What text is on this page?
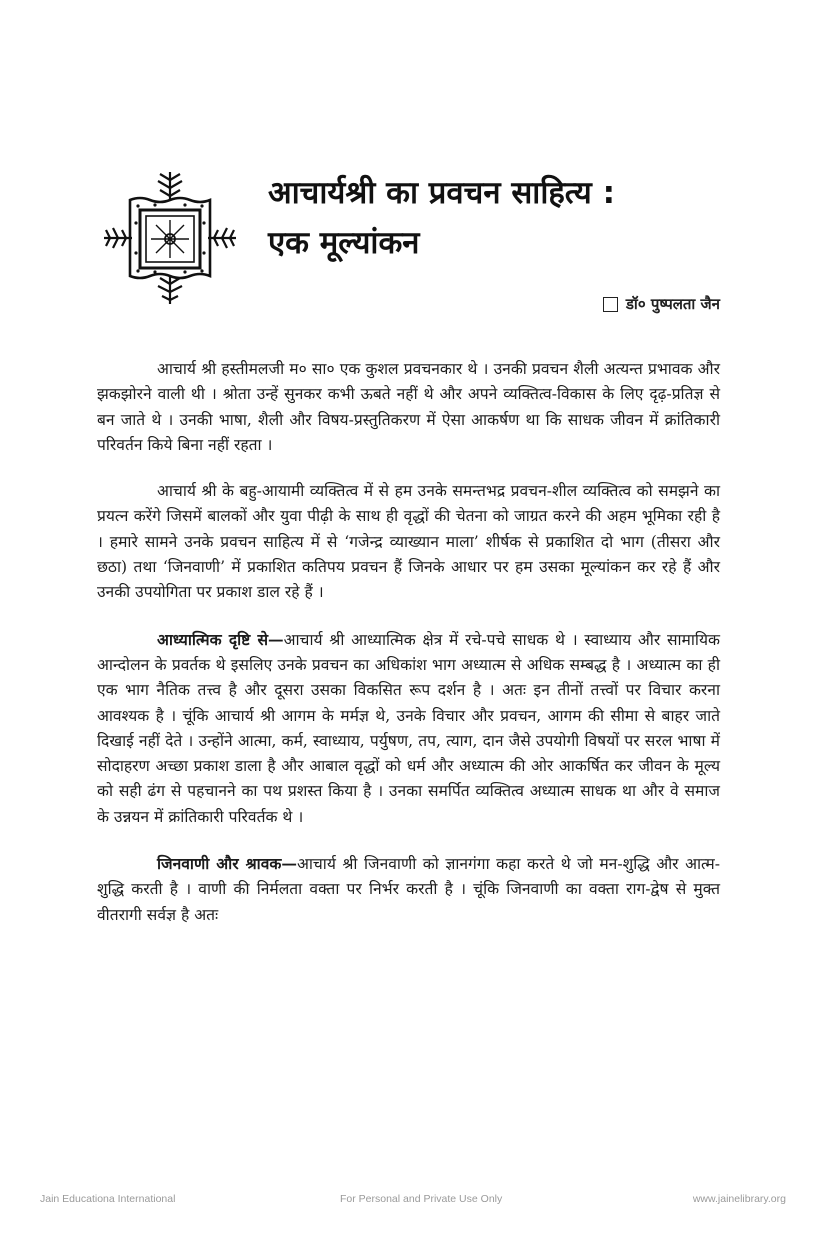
आचार्यश्री का प्रवचन साहित्य :
एक मूल्यांकन
डॉ० पुष्पलता जैन

आचार्य श्री हस्तीमलजी म० सा० एक कुशल प्रवचनकार थे । उनकी प्रवचन शैली अत्यन्त प्रभावक और झकझोरने वाली थी । श्रोता उन्हें सुनकर कभी ऊबते नहीं थे और अपने व्यक्तित्व-विकास के लिए दृढ़-प्रतिज्ञ से बन जाते थे । उनकी भाषा, शैली और विषय-प्रस्तुतिकरण में ऐसा आकर्षण था कि साधक जीवन में क्रांतिकारी परिवर्तन किये बिना नहीं रहता ।

आचार्य श्री के बहु-आयामी व्यक्तित्व में से हम उनके समन्तभद्र प्रवचन-शील व्यक्तित्व को समझने का प्रयत्न करेंगे जिसमें बालकों और युवा पीढ़ी के साथ ही वृद्धों की चेतना को जाग्रत करने की अहम भूमिका रही है । हमारे सामने उनके प्रवचन साहित्य में से ‘गजेन्द्र व्याख्यान माला’ शीर्षक से प्रकाशित दो भाग (तीसरा और छठा) तथा ‘जिनवाणी’ में प्रकाशित कतिपय प्रवचन हैं जिनके आधार पर हम उसका मूल्यांकन कर रहे हैं और उनकी उपयोगिता पर प्रकाश डाल रहे हैं ।

आध्यात्मिक दृष्टि से—आचार्य श्री आध्यात्मिक क्षेत्र में रचे-पचे साधक थे । स्वाध्याय और सामायिक आन्दोलन के प्रवर्तक थे इसलिए उनके प्रवचन का अधिकांश भाग अध्यात्म से अधिक सम्बद्ध है । अध्यात्म का ही एक भाग नैतिक तत्त्व है और दूसरा उसका विकसित रूप दर्शन है । अतः इन तीनों तत्त्वों पर विचार करना आवश्यक है । चूंकि आचार्य श्री आगम के मर्मज्ञ थे, उनके विचार और प्रवचन, आगम की सीमा से बाहर जाते दिखाई नहीं देते । उन्होंने आत्मा, कर्म, स्वाध्याय, पर्युषण, तप, त्याग, दान जैसे उपयोगी विषयों पर सरल भाषा में सोदाहरण अच्छा प्रकाश डाला है और आबाल वृद्धों को धर्म और अध्यात्म की ओर आकर्षित कर जीवन के मूल्य को सही ढंग से पहचानने का पथ प्रशस्त किया है । उनका समर्पित व्यक्तित्व अध्यात्म साधक था और वे समाज के उन्नयन में क्रांतिकारी परिवर्तक थे ।

जिनवाणी और श्रावक—आचार्य श्री जिनवाणी को ज्ञानगंगा कहा करते थे जो मन-शुद्धि और आत्म-शुद्धि करती है । वाणी की निर्मलता वक्ता पर निर्भर करती है । चूंकि जिनवाणी का वक्ता राग-द्वेष से मुक्त वीतरागी सर्वज्ञ है अतः

Jain Educationa International	For Personal and Private Use Only	www.jainelibrary.org
